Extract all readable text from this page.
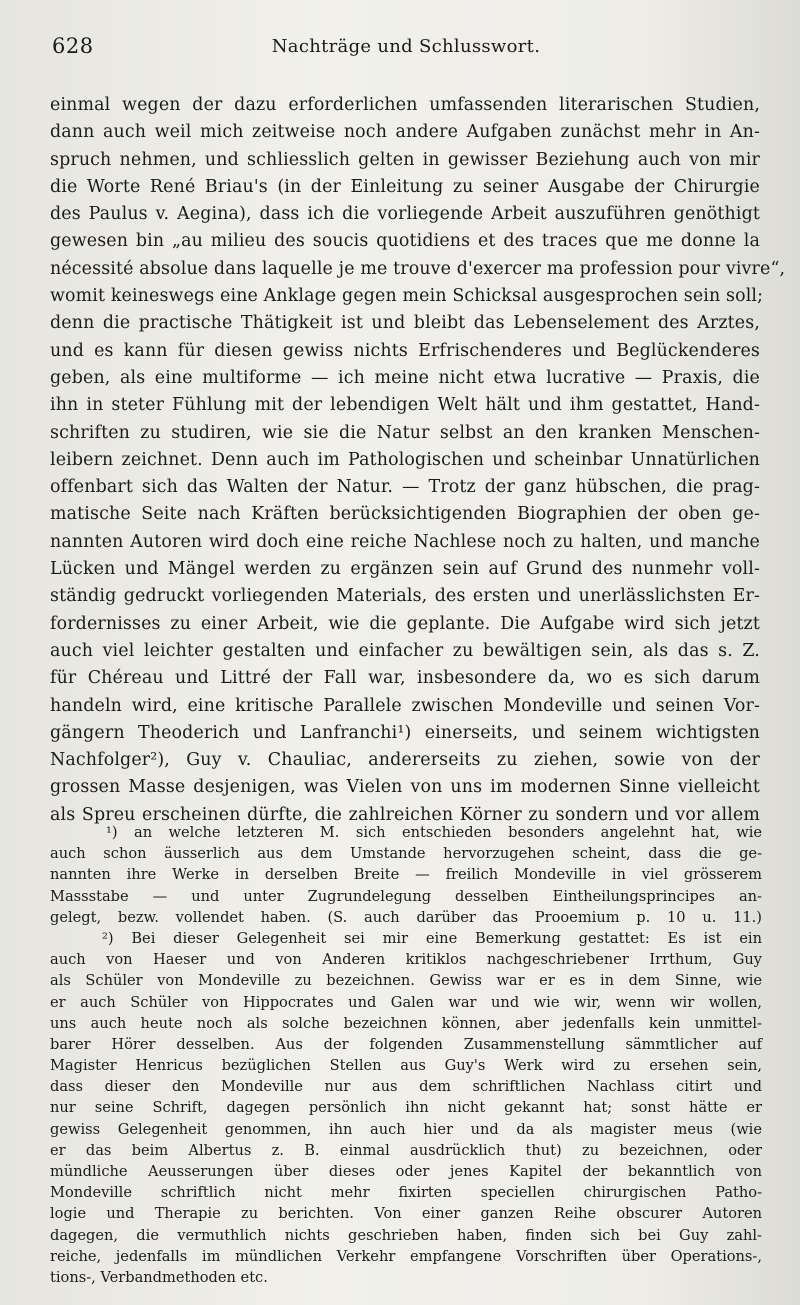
628	Nachträge und Schlusswort.
einmal wegen der dazu erforderlichen umfassenden literarischen Studien,
dann auch weil mich zeitweise noch andere Aufgaben zunächst mehr in An-
spruch nehmen, und schliesslich gelten in gewisser Beziehung auch von mir
die Worte René Briau's (in der Einleitung zu seiner Ausgabe der Chirurgie
des Paulus v. Aegina), dass ich die vorliegende Arbeit auszuführen genöthigt
gewesen bin „au milieu des soucis quotidiens et des traces que me donne la
nécessité absolue dans laquelle je me trouve d'exercer ma profession pour vivre“,
womit keineswegs eine Anklage gegen mein Schicksal ausgesprochen sein soll;
denn die practische Thätigkeit ist und bleibt das Lebenselement des Arztes,
und es kann für diesen gewiss nichts Erfrischenderes und Beglückenderes
geben, als eine multiforme — ich meine nicht etwa lucrative — Praxis, die
ihn in steter Fühlung mit der lebendigen Welt hält und ihm gestattet, Hand-
schriften zu studiren, wie sie die Natur selbst an den kranken Menschen-
leibern zeichnet. Denn auch im Pathologischen und scheinbar Unnatürlichen
offenbart sich das Walten der Natur. — Trotz der ganz hübschen, die prag-
matische Seite nach Kräften berücksichtigenden Biographien der oben ge-
nannten Autoren wird doch eine reiche Nachlese noch zu halten, und manche
Lücken und Mängel werden zu ergänzen sein auf Grund des nunmehr voll-
ständig gedruckt vorliegenden Materials, des ersten und unerlässlichsten Er-
fordernisses zu einer Arbeit, wie die geplante. Die Aufgabe wird sich jetzt
auch viel leichter gestalten und einfacher zu bewältigen sein, als das s. Z.
für Chéreau und Littré der Fall war, insbesondere da, wo es sich darum
handeln wird, eine kritische Parallele zwischen Mondeville und seinen Vor-
gängern Theoderich und Lanfranchi¹) einerseits, und seinem wichtigsten
Nachfolger²), Guy v. Chauliac, andererseits zu ziehen, sowie von der
grossen Masse desjenigen, was Vielen von uns im modernen Sinne vielleicht
als Spreu erscheinen dürfte, die zahlreichen Körner zu sondern und vor allem
¹) an welche letzteren M. sich entschieden besonders angelehnt hat, wie
auch schon äusserlich aus dem Umstande hervorzugehen scheint, dass die ge-
nannten ihre Werke in derselben Breite — freilich Mondeville in viel grösserem
Massstabe — und unter Zugrundelegung desselben Eintheilungsprincipes an-
gelegt, bezw. vollendet haben. (S. auch darüber das Prooemium p. 10 u. 11.)
²) Bei dieser Gelegenheit sei mir eine Bemerkung gestattet: Es ist ein
auch von Haeser und von Anderen kritiklos nachgeschriebener Irrthum, Guy
als Schüler von Mondeville zu bezeichnen. Gewiss war er es in dem Sinne, wie
er auch Schüler von Hippocrates und Galen war und wie wir, wenn wir wollen,
uns auch heute noch als solche bezeichnen können, aber jedenfalls kein unmittel-
barer Hörer desselben. Aus der folgenden Zusammenstellung sämmtlicher auf
Magister Henricus bezüglichen Stellen aus Guy's Werk wird zu ersehen sein,
dass dieser den Mondeville nur aus dem schriftlichen Nachlass citirt und
nur seine Schrift, dagegen persönlich ihn nicht gekannt hat; sonst hätte er
gewiss Gelegenheit genommen, ihn auch hier und da als magister meus (wie
er das beim Albertus z. B. einmal ausdrücklich thut) zu bezeichnen, oder
mündliche Aeusserungen über dieses oder jenes Kapitel der bekanntlich von
Mondeville schriftlich nicht mehr fixirten speciellen chirurgischen Patho-
logie und Therapie zu berichten. Von einer ganzen Reihe obscurer Autoren
dagegen, die vermuthlich nichts geschrieben haben, finden sich bei Guy zahl-
reiche, jedenfalls im mündlichen Verkehr empfangene Vorschriften über Operations-,
tions-, Verbandmethoden etc.
